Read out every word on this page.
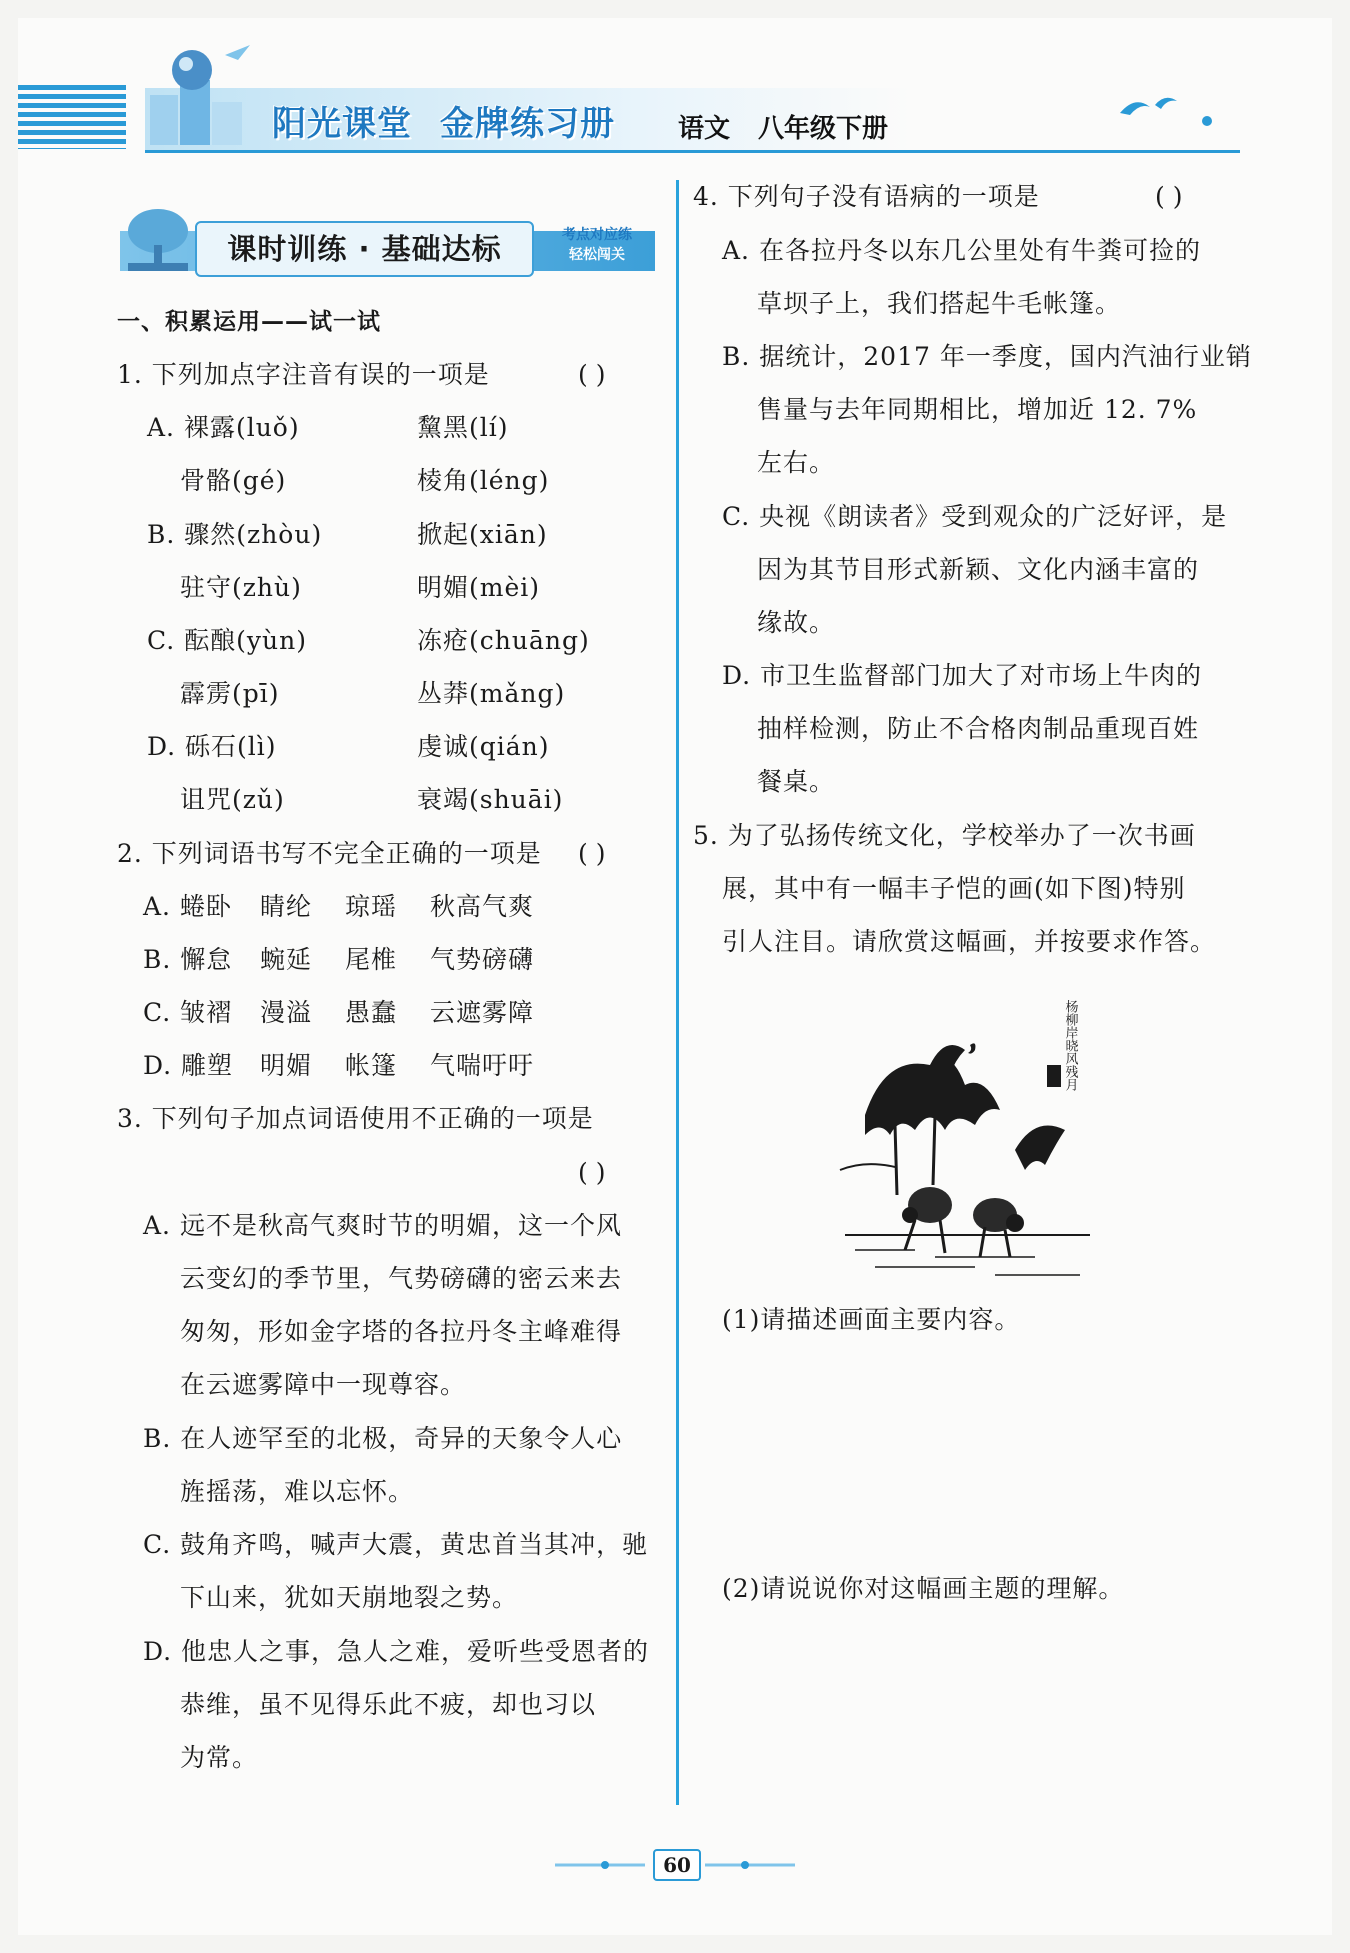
阳光课堂 金牌练习册	语文 八年级下册
课时训练 · 基础达标	考点对应练
轻松闯关
一、积累运用——试一试
1. 下列加点字注音有误的一项是	( )
A. 裸露(luǒ)	黧黑(lí)
骨骼(gé)	棱角(léng)
B. 骤然(zhòu)	掀起(xiān)
驻守(zhù)	明媚(mèi)
C. 酝酿(yùn)	冻疮(chuāng)
霹雳(pī)	丛莽(mǎng)
D. 砾石(lì)	虔诚(qián)
诅咒(zǔ)	衰竭(shuāi)
2. 下列词语书写不完全正确的一项是 ( )
A. 蜷卧 睛纶 琼瑶 秋高气爽
B. 懈怠 蜿延 尾椎 气势磅礴
C. 皱褶 漫溢 愚蠢 云遮雾障
D. 雕塑 明媚 帐篷 气喘吁吁
3. 下列句子加点词语使用不正确的一项是
( )
A. 远不是秋高气爽时节的明媚，这一个风
云变幻的季节里，气势磅礴的密云来去
匆匆，形如金字塔的各拉丹冬主峰难得
在云遮雾障中一现尊容。
B. 在人迹罕至的北极，奇异的天象令人心
旌摇荡，难以忘怀。
C. 鼓角齐鸣，喊声大震，黄忠首当其冲，驰
下山来，犹如天崩地裂之势。
D. 他忠人之事，急人之难，爱听些受恩者的
恭维，虽不见得乐此不疲，却也习以
为常。
4. 下列句子没有语病的一项是	( )
A. 在各拉丹冬以东几公里处有牛粪可捡的
草坝子上，我们搭起牛毛帐篷。
B. 据统计，2017 年一季度，国内汽油行业销
售量与去年同期相比，增加近 12. 7%
左右。
C. 央视《朗读者》受到观众的广泛好评，是
因为其节目形式新颖、文化内涵丰富的
缘故。
D. 市卫生监督部门加大了对市场上牛肉的
抽样检测，防止不合格肉制品重现百姓
餐桌。
5. 为了弘扬传统文化，学校举办了一次书画
展，其中有一幅丰子恺的画(如下图)特别
引人注目。请欣赏这幅画，并按要求作答。
杨柳岸晓风残月
(1)请描述画面主要内容。
(2)请说说你对这幅画主题的理解。
60
